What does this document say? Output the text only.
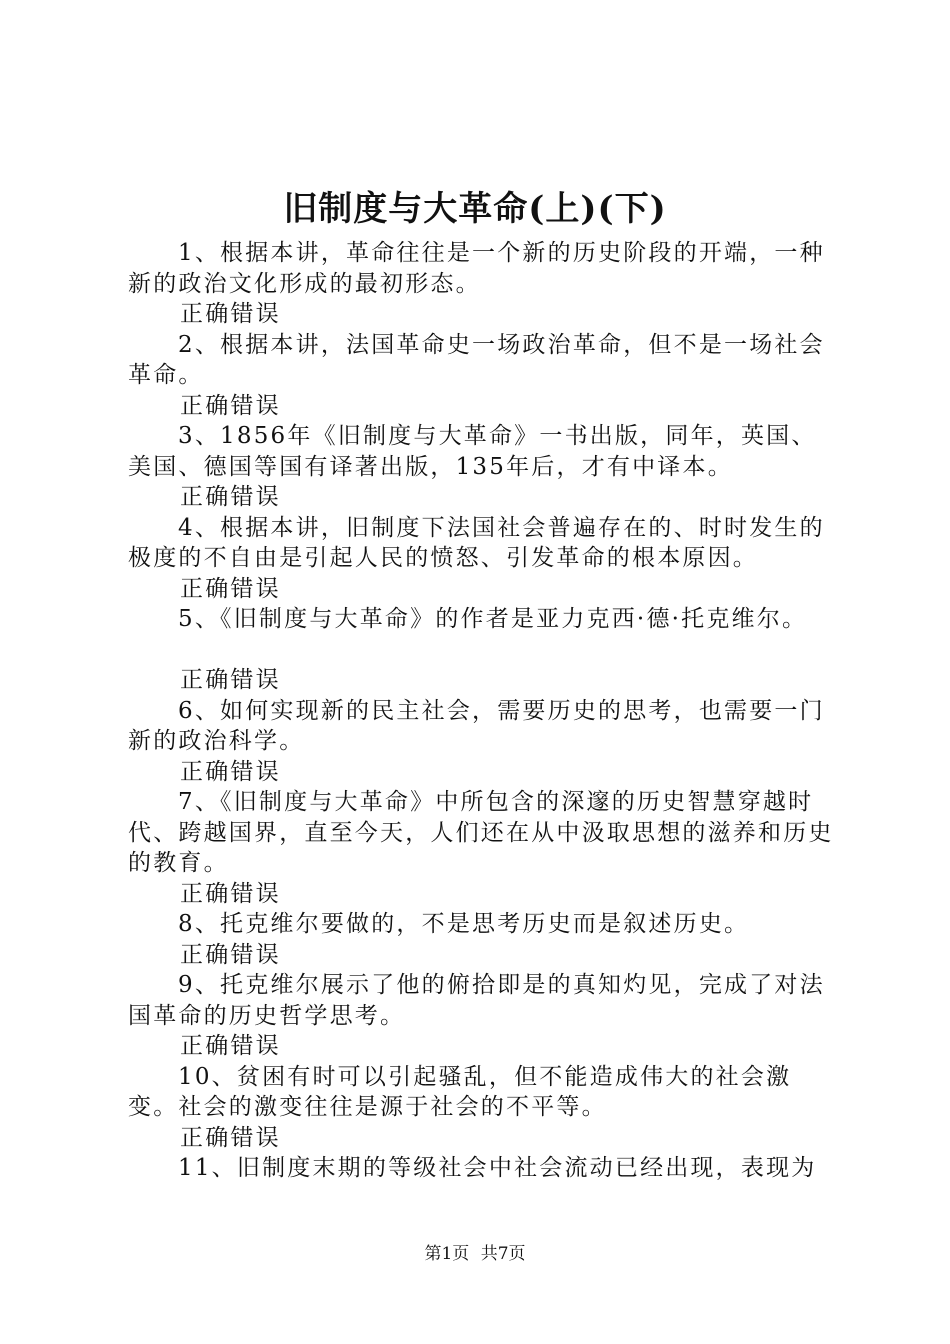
旧制度与大革命(上)(下)

1、根据本讲，革命往往是一个新的历史阶段的开端，一种新的政治文化形成的最初形态。

正确错误

2、根据本讲，法国革命史一场政治革命，但不是一场社会革命。

正确错误

3、1856年《旧制度与大革命》一书出版，同年，英国、美国、德国等国有译著出版，135年后，才有中译本。

正确错误

4、根据本讲，旧制度下法国社会普遍存在的、时时发生的极度的不自由是引起人民的愤怒、引发革命的根本原因。

正确错误

5、《旧制度与大革命》的作者是亚力克西·德·托克维尔。

正确错误

6、如何实现新的民主社会，需要历史的思考，也需要一门新的政治科学。

正确错误

7、《旧制度与大革命》中所包含的深邃的历史智慧穿越时代、跨越国界，直至今天，人们还在从中汲取思想的滋养和历史的教育。

正确错误

8、托克维尔要做的，不是思考历史而是叙述历史。

正确错误

9、托克维尔展示了他的俯拾即是的真知灼见，完成了对法国革命的历史哲学思考。

正确错误

10、贫困有时可以引起骚乱，但不能造成伟大的社会激变。社会的激变往往是源于社会的不平等。

正确错误

11、旧制度末期的等级社会中社会流动已经出现，表现为

第1页 共7页
